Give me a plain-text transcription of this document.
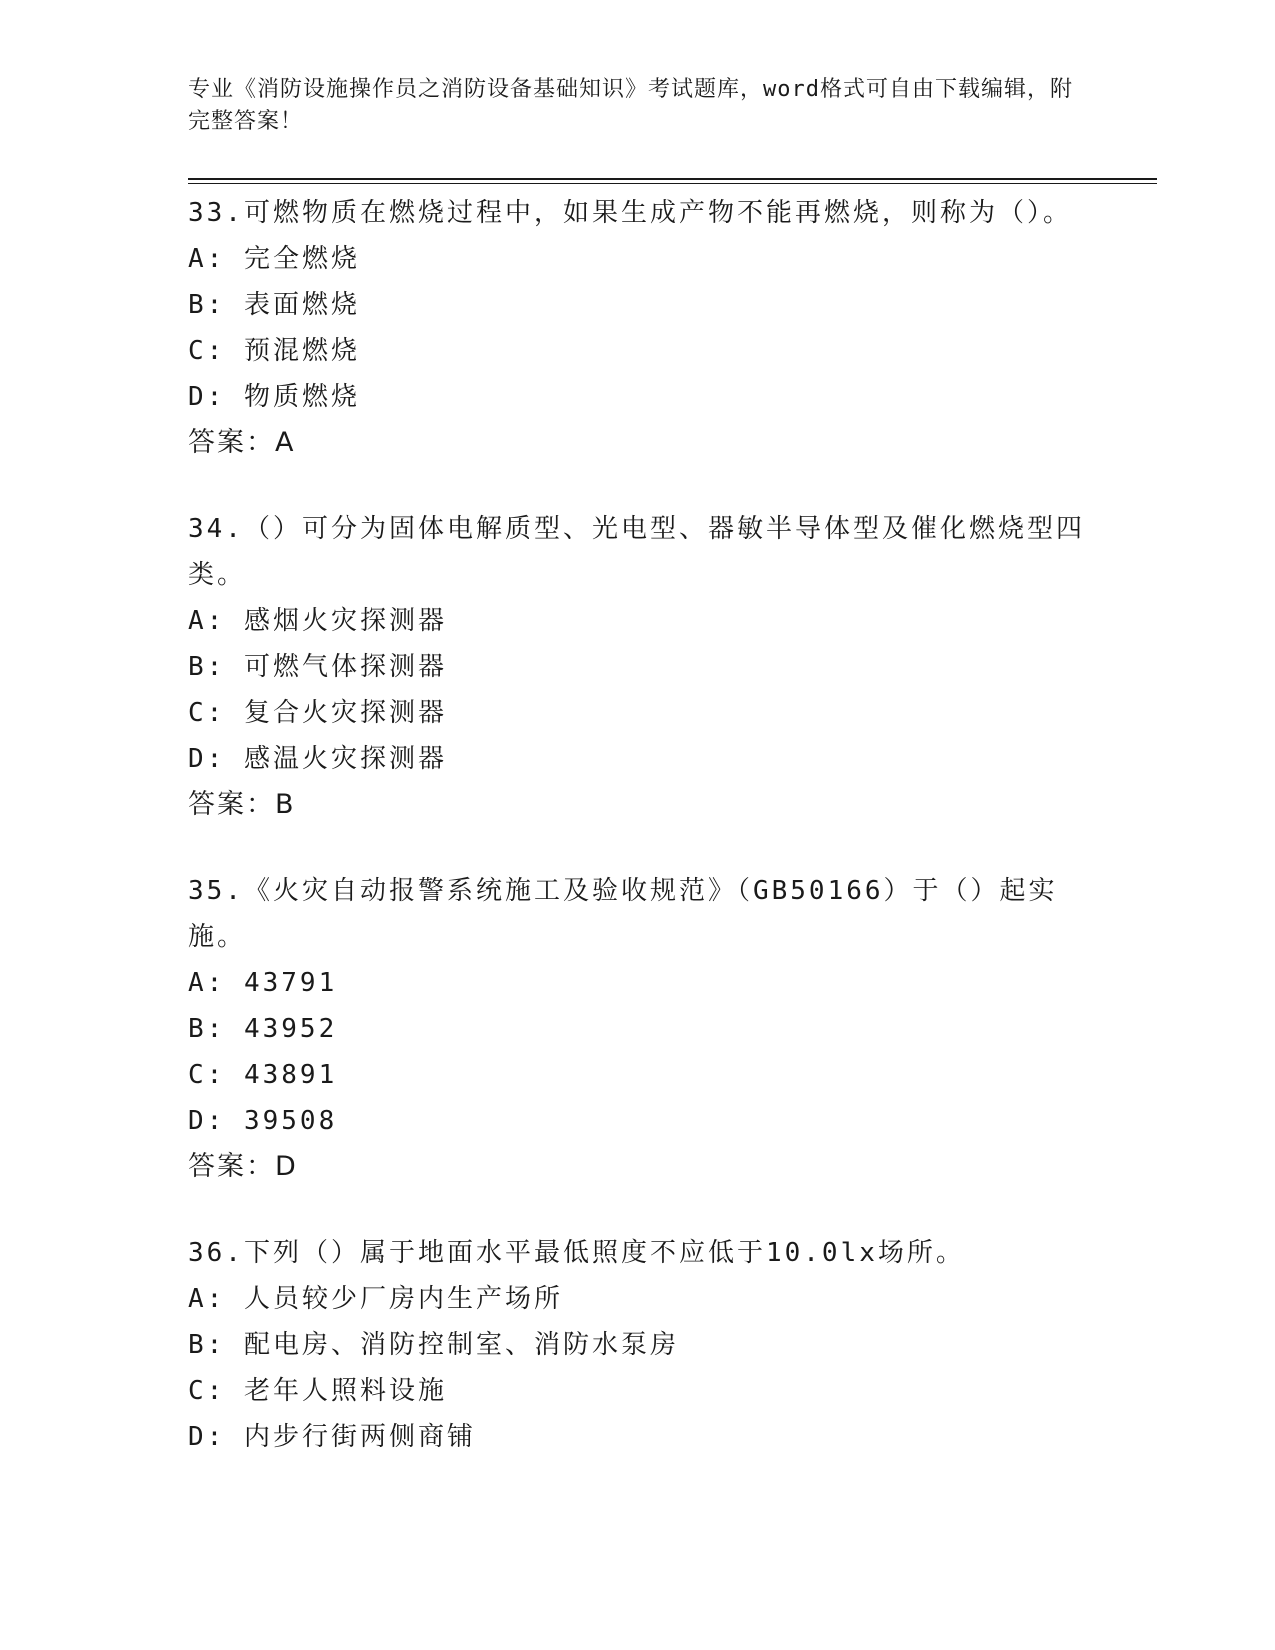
专业《消防设施操作员之消防设备基础知识》考试题库，word格式可自由下载编辑，附完整答案！
33.可燃物质在燃烧过程中，如果生成产物不能再燃烧，则称为（）。
A: 完全燃烧
B: 表面燃烧
C: 预混燃烧
D: 物质燃烧
答案：A
34.（）可分为固体电解质型、光电型、器敏半导体型及催化燃烧型四类。
A: 感烟火灾探测器
B: 可燃气体探测器
C: 复合火灾探测器
D: 感温火灾探测器
答案：B
35.《火灾自动报警系统施工及验收规范》（GB50166）于（）起实施。
A: 43791
B: 43952
C: 43891
D: 39508
答案：D
36.下列（）属于地面水平最低照度不应低于10.0lx场所。
A: 人员较少厂房内生产场所
B: 配电房、消防控制室、消防水泵房
C: 老年人照料设施
D: 内步行街两侧商铺
